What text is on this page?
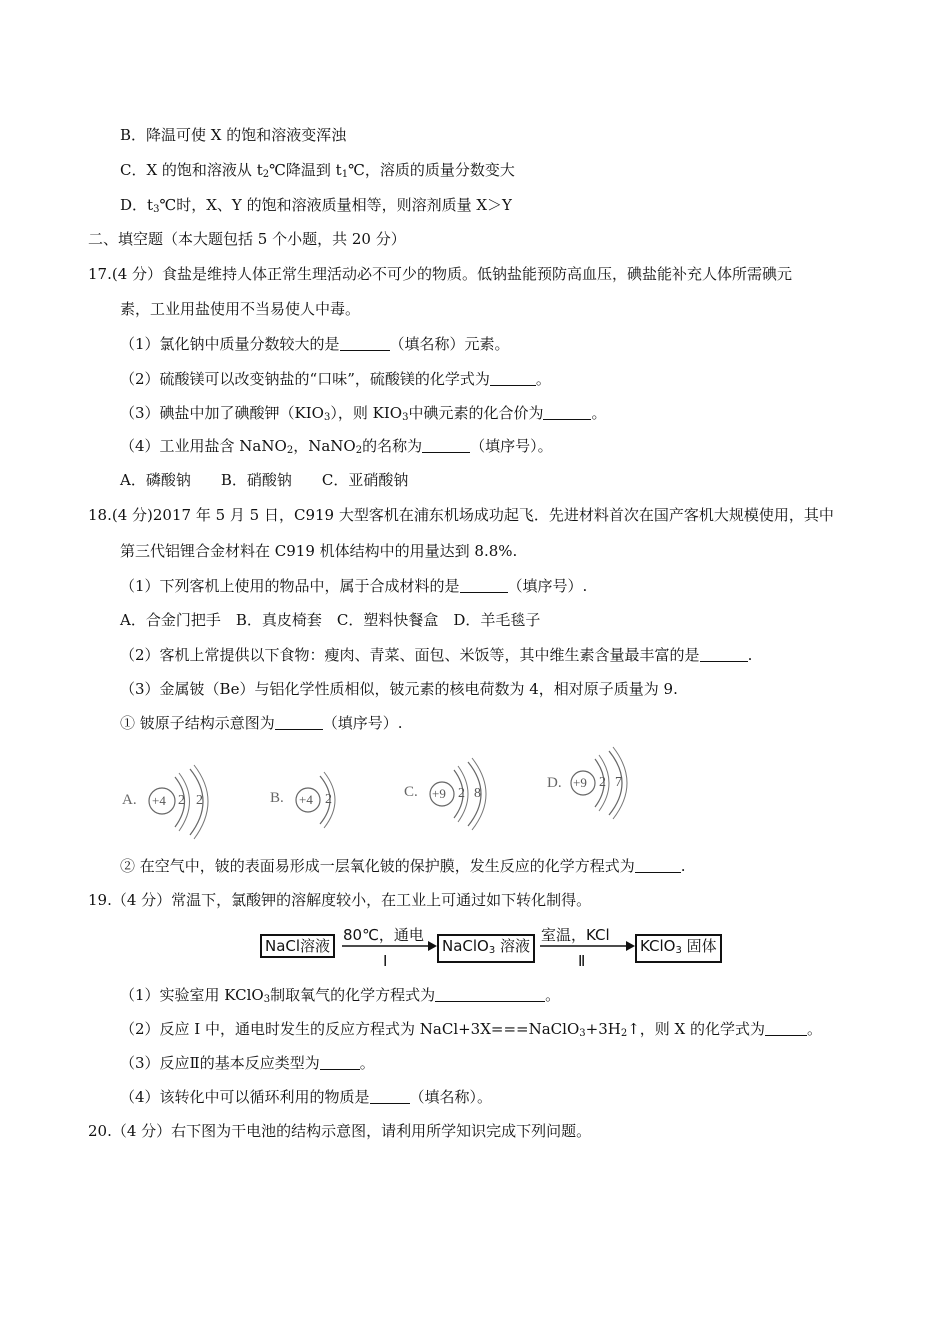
B．降温可使 X 的饱和溶液变浑浊
C．X 的饱和溶液从 $t_2℃$降温到 $t_1℃$，溶质的质量分数变大
D．$t_3℃$时，X、Y 的饱和溶液质量相等，则溶剂质量 X＞Y
二、填空题（本大题包括 5 个小题，共 20 分）
17.(4 分）食盐是维持人体正常生理活动必不可少的物质。低钠盐能预防高血压，碘盐能补充人体所需碘元
素，工业用盐使用不当易使人中毒。
（1）氯化钠中质量分数较大的是	（填名称）元素。
（2）硫酸镁可以改变钠盐的“口味”，硫酸镁的化学式为	。
（3）碘盐中加了碘酸钾$(KIO_3)$，则 $KIO_3$中碘元素的化合价为	。
（4）工业用盐含 NaNO$_2$，NaNO$_2$的名称为	（填序号）。
A．磷酸钠　　B．硝酸钠　　C．亚硝酸钠
18.(4 分)2017 年 5 月 5 日，C919 大型客机在浦东机场成功起飞．先进材料首次在国产客机大规模使用，其中
第三代铝锂合金材料在 C919 机体结构中的用量达到 8.8%.
（1）下列客机上使用的物品中，属于合成材料的是	（填序号）.
A．合金门把手　B．真皮椅套　C．塑料快餐盒　D．羊毛毯子
（2）客机上常提供以下食物：瘦肉、青菜、面包、米饭等，其中维生素含量最丰富的是	.
（3）金属铍（Be）与铝化学性质相似，铍元素的核电荷数为 4，相对原子质量为 9.
① 铍原子结构示意图为	（填序号）.
A. +4 2 2	B. +4 2	C. +9 2 8
D. +9 2 7
② 在空气中，铍的表面易形成一层氧化铍的保护膜，发生反应的化学方程式为	.
19.（4 分）常温下，氯酸钾的溶解度较小，在工业上可通过如下转化制得。
NaCl溶液
80℃，通电
Ⅰ
NaClO$_3$ 溶液
室温，KCl
Ⅱ
KClO$_3$ 固体
（1）实验室用 KClO$_3$制取氧气的化学方程式为	。
（2）反应 I 中，通电时发生的反应方程式为 $NaCl+3X===NaClO_3+3H_2↑$，则 X 的化学式为	。
（3）反应Ⅱ的基本反应类型为	。
（4）该转化中可以循环利用的物质是	（填名称）。
20.（4 分）右下图为干电池的结构示意图，请利用所学知识完成下列问题。
